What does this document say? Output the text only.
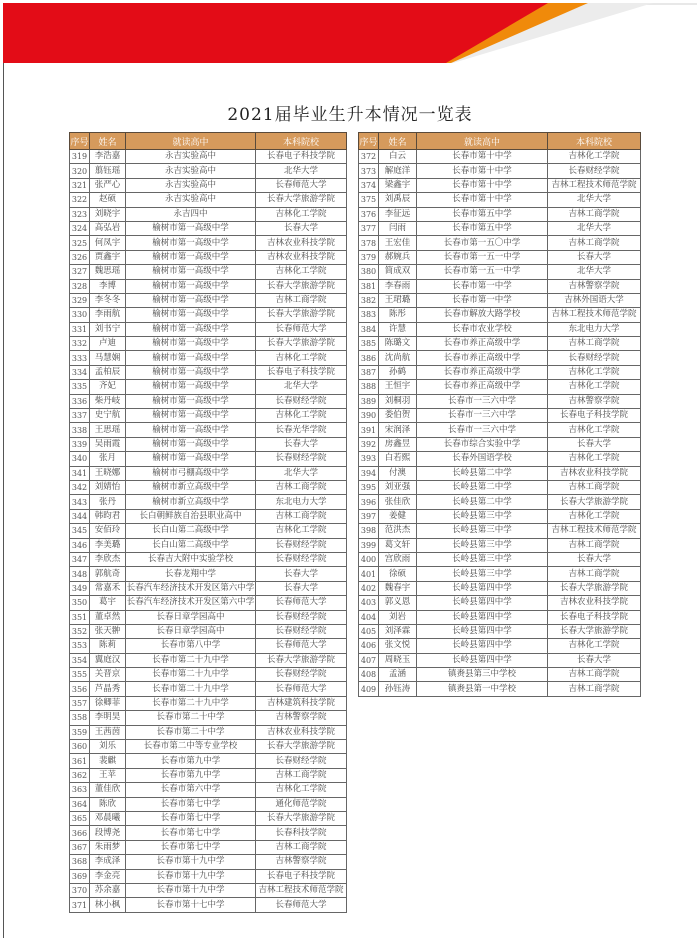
2021届毕业生升本情况一览表
序号	姓名	就读高中	本科院校
319	李浩嘉	永吉实验高中	长春电子科技学院
320	翦钰瑶	永吉实验高中	北华大学
321	张严心	永吉实验高中	长春师范大学
322	赵硕	永吉实验高中	长春大学旅游学院
323	刘晓宇	永吉四中	吉林化工学院
324	高弘岩	榆树市第一高级中学	长春大学
325	何凤宇	榆树市第一高级中学	吉林农业科技学院
326	贾鑫宇	榆树市第一高级中学	吉林农业科技学院
327	魏思瑶	榆树市第一高级中学	吉林化工学院
328	李博	榆树市第一高级中学	长春大学旅游学院
329	李冬冬	榆树市第一高级中学	吉林工商学院
330	李雨航	榆树市第一高级中学	长春大学旅游学院
331	刘书宁	榆树市第一高级中学	长春师范大学
332	卢迪	榆树市第一高级中学	长春大学旅游学院
333	马慧娴	榆树市第一高级中学	吉林化工学院
334	孟柏辰	榆树市第一高级中学	长春电子科技学院
335	齐妃	榆树市第一高级中学	北华大学
336	柴丹岐	榆树市第一高级中学	长春财经学院
337	史宁航	榆树市第一高级中学	吉林化工学院
338	王思瑶	榆树市第一高级中学	长春光华学院
339	吴雨霞	榆树市第一高级中学	长春大学
340	张月	榆树市第一高级中学	长春财经学院
341	王晓娜	榆树市弓棚高级中学	北华大学
342	刘婧怡	榆树市新立高级中学	吉林工商学院
343	张丹	榆树市新立高级中学	东北电力大学
344	韩昀君	长白朝鲜族自治县职业高中	吉林工商学院
345	安佰玲	长白山第二高级中学	吉林化工学院
346	李美璐	长白山第二高级中学	长春财经学院
347	李欣杰	长春吉大附中实验学校	长春财经学院
348	郭航奇	长春龙翔中学	长春大学
349	常嘉禾	长春汽车经济技术开发区第六中学	长春大学
350	葛宇	长春汽车经济技术开发区第六中学	长春师范大学
351	董卓然	长春日章学园高中	长春财经学院
352	张天翀	长春日章学园高中	长春财经学院
353	陈莉	长春市第八中学	长春师范大学
354	翼庭汉	长春市第二十九中学	长春大学旅游学院
355	关晋京	长春市第二十九中学	长春财经学院
356	芦晶秀	长春市第二十九中学	长春师范大学
357	徐卿菲	长春市第二十九中学	吉林建筑科技学院
358	李明昊	长春市第二十中学	吉林警察学院
359	王茜茵	长春市第二十中学	吉林农业科技学院
360	刘乐	长春市第二中等专业学校	长春大学旅游学院
361	裴麒	长春市第九中学	长春财经学院
362	王苹	长春市第九中学	吉林工商学院
363	董佳欣	长春市第六中学	吉林化工学院
364	陈欣	长春市第七中学	通化师范学院
365	邓晨曦	长春市第七中学	长春大学旅游学院
366	段博尧	长春市第七中学	长春科技学院
367	朱雨梦	长春市第七中学	吉林工商学院
368	李成泽	长春市第十九中学	吉林警察学院
369	李金亮	长春市第十九中学	长春电子科技学院
370	苏余嘉	长春市第十九中学	吉林工程技术师范学院
371	林小枫	长春市第十七中学	长春师范大学
序号	姓名	就读高中	本科院校
372	白云	长春市第十中学	吉林化工学院
373	解庭洋	长春市第十中学	长春财经学院
374	梁鑫宇	长春市第十中学	吉林工程技术师范学院
375	刘禹辰	长春市第十中学	北华大学
376	李征远	长春市第五中学	吉林工商学院
377	闫雨	长春市第五中学	北华大学
378	王宏佳	长春市第一五〇中学	吉林工商学院
379	郝婉兵	长春市第一五一中学	长春大学
380	简成双	长春市第一五一中学	北华大学
381	李春雨	长春市第一中学	吉林警察学院
382	王珺璐	长春市第一中学	吉林外国语大学
383	陈彤	长春市解放大路学校	吉林工程技术师范学院
384	许慧	长春市农业学校	东北电力大学
385	陈璐文	长春市养正高级中学	吉林工商学院
386	沈尚航	长春市养正高级中学	长春财经学院
387	孙鹤	长春市养正高级中学	吉林化工学院
388	王恒宇	长春市养正高级中学	吉林化工学院
389	刘桐羽	长春市一三六中学	吉林警察学院
390	娄伯贺	长春市一三六中学	长春电子科技学院
391	宋润泽	长春市一三六中学	吉林化工学院
392	房鑫昱	长春市综合实验中学	长春大学
393	白若熙	长春外国语学校	吉林化工学院
394	付澳	长岭县第二中学	吉林农业科技学院
395	刘亚强	长岭县第二中学	吉林工商学院
396	张佳欣	长岭县第二中学	长春大学旅游学院
397	姜健	长岭县第三中学	吉林化工学院
398	范洪杰	长岭县第三中学	吉林工程技术师范学院
399	葛文轩	长岭县第三中学	吉林工商学院
400	宫欣雨	长岭县第三中学	长春大学
401	徐硕	长岭县第三中学	吉林工商学院
402	魏春宇	长岭县第四中学	长春大学旅游学院
403	郭义恩	长岭县第四中学	吉林农业科技学院
404	刘岩	长岭县第四中学	长春电子科技学院
405	刘泽霖	长岭县第四中学	长春大学旅游学院
406	张文悦	长岭县第四中学	吉林化工学院
407	周晓玉	长岭县第四中学	长春大学
408	孟涵	镇赉县第三中学校	吉林工商学院
409	孙钰涛	镇赉县第一中学校	吉林工商学院
